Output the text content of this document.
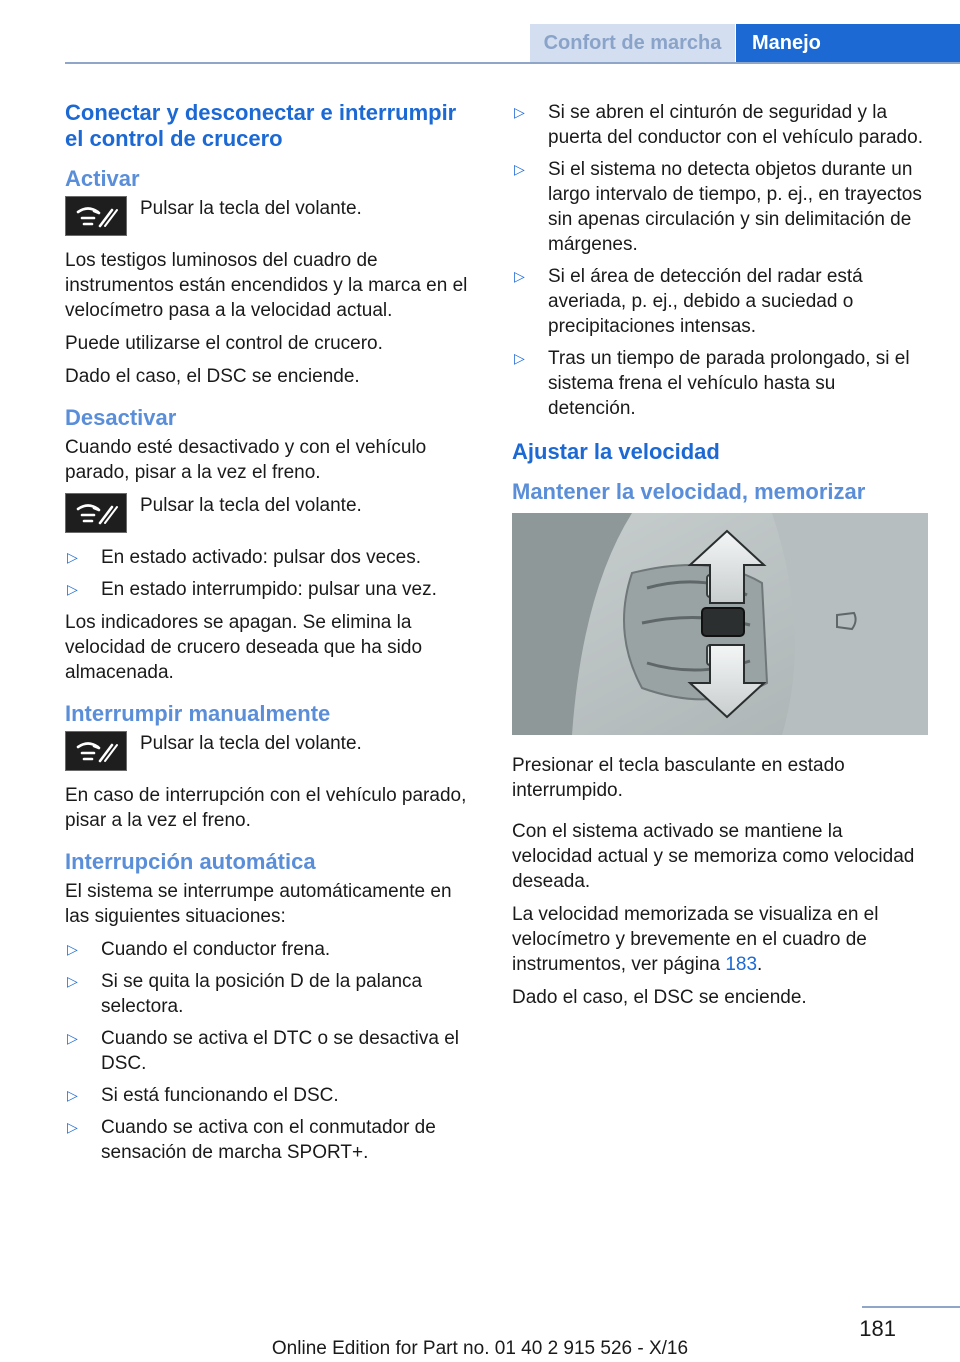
Confort de marcha	Manejo
Conectar y desconectar e interrumpir el control de crucero
Activar
Pulsar la tecla del volante.

Los testigos luminosos del cuadro de instrumentos están encendidos y la marca en el velocímetro pasa a la velocidad actual.

Puede utilizarse el control de crucero.

Dado el caso, el DSC se enciende.

Desactivar

Cuando esté desactivado y con el vehículo parado, pisar a la vez el freno.

Pulsar la tecla del volante.
▷	En estado activado: pulsar dos veces.
▷	En estado interrumpido: pulsar una vez.

Los indicadores se apagan. Se elimina la velocidad de crucero deseada que ha sido almacenada.

Interrumpir manualmente
Pulsar la tecla del volante.

En caso de interrupción con el vehículo parado, pisar a la vez el freno.

Interrupción automática

El sistema se interrumpe automáticamente en las siguientes situaciones:

▷	Cuando el conductor frena.
▷	Si se quita la posición D de la palanca selectora.
▷	Cuando se activa el DTC o se desactiva el DSC.
▷	Si está funcionando el DSC.
▷	Cuando se activa con el conmutador de sensación de marcha SPORT+.
▷	Si se abren el cinturón de seguridad y la puerta del conductor con el vehículo parado.
▷	Si el sistema no detecta objetos durante un largo intervalo de tiempo, p. ej., en trayectos sin apenas circulación y sin delimitación de márgenes.
▷	Si el área de detección del radar está averiada, p. ej., debido a suciedad o precipitaciones intensas.
▷	Tras un tiempo de parada prolongado, si el sistema frena el vehículo hasta su detención.
Ajustar la velocidad
Mantener la velocidad, memorizar

Presionar el tecla basculante en estado interrumpido.

Con el sistema activado se mantiene la velocidad actual y se memoriza como velocidad deseada.

La velocidad memorizada se visualiza en el velocímetro y brevemente en el cuadro de instrumentos, ver página 183.

Dado el caso, el DSC se enciende.

181
Online Edition for Part no. 01 40 2 915 526 - X/16
